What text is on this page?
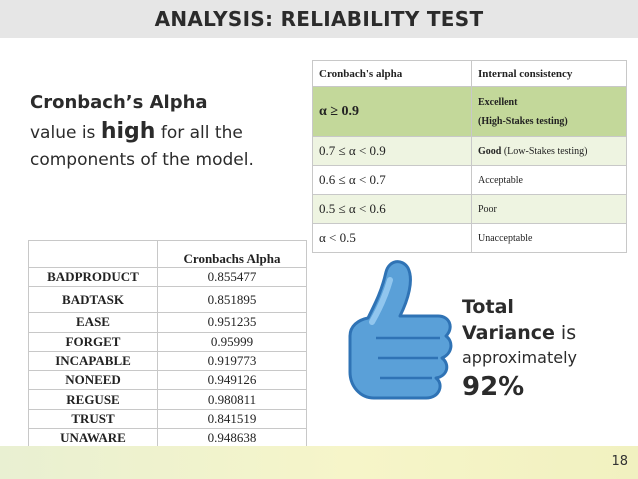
ANALYSIS: RELIABILITY TEST
Cronbach’s Alpha
value is high for all the components of the model.
Cronbach's alpha	Internal consistency
α ≥ 0.9	Excellent
(High-Stakes testing)
0.7 ≤ α < 0.9	Good (Low-Stakes testing)
0.6 ≤ α < 0.7	Acceptable
0.5 ≤ α < 0.6	Poor
α < 0.5	Unacceptable
	Cronbachs Alpha
BADPRODUCT	0.855477
BADTASK	0.851895
EASE	0.951235
FORGET	0.95999
INCAPABLE	0.919773
NONEED	0.949126
REGUSE	0.980811
TRUST	0.841519
UNAWARE	0.948638
Total
Variance is
approximately
92%
18
